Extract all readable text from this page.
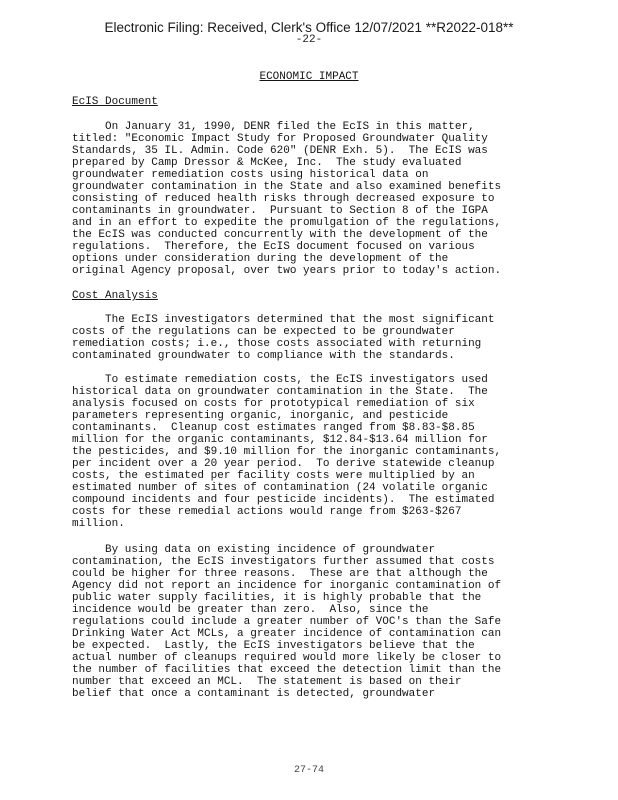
Electronic Filing: Received, Clerk's Office 12/07/2021 **R2022-018**
-22-
ECONOMIC IMPACT
EcIS Document
On January 31, 1990, DENR filed the EcIS in this matter,
titled: "Economic Impact Study for Proposed Groundwater Quality
Standards, 35 IL. Admin. Code 620" (DENR Exh. 5).  The EcIS was
prepared by Camp Dressor & McKee, Inc.  The study evaluated
groundwater remediation costs using historical data on
groundwater contamination in the State and also examined benefits
consisting of reduced health risks through decreased exposure to
contaminants in groundwater.  Pursuant to Section 8 of the IGPA
and in an effort to expedite the promulgation of the regulations,
the EcIS was conducted concurrently with the development of the
regulations.  Therefore, the EcIS document focused on various
options under consideration during the development of the
original Agency proposal, over two years prior to today's action.
Cost Analysis
The EcIS investigators determined that the most significant
costs of the regulations can be expected to be groundwater
remediation costs; i.e., those costs associated with returning
contaminated groundwater to compliance with the standards.
To estimate remediation costs, the EcIS investigators used
historical data on groundwater contamination in the State.  The
analysis focused on costs for prototypical remediation of six
parameters representing organic, inorganic, and pesticide
contaminants.  Cleanup cost estimates ranged from $8.83-$8.85
million for the organic contaminants, $12.84-$13.64 million for
the pesticides, and $9.10 million for the inorganic contaminants,
per incident over a 20 year period.  To derive statewide cleanup
costs, the estimated per facility costs were multiplied by an
estimated number of sites of contamination (24 volatile organic
compound incidents and four pesticide incidents).  The estimated
costs for these remedial actions would range from $263-$267
million.
By using data on existing incidence of groundwater
contamination, the EcIS investigators further assumed that costs
could be higher for three reasons.  These are that although the
Agency did not report an incidence for inorganic contamination of
public water supply facilities, it is highly probable that the
incidence would be greater than zero.  Also, since the
regulations could include a greater number of VOC's than the Safe
Drinking Water Act MCLs, a greater incidence of contamination can
be expected.  Lastly, the EcIS investigators believe that the
actual number of cleanups required would more likely be closer to
the number of facilities that exceed the detection limit than the
number that exceed an MCL.  The statement is based on their
belief that once a contaminant is detected, groundwater
27-74
